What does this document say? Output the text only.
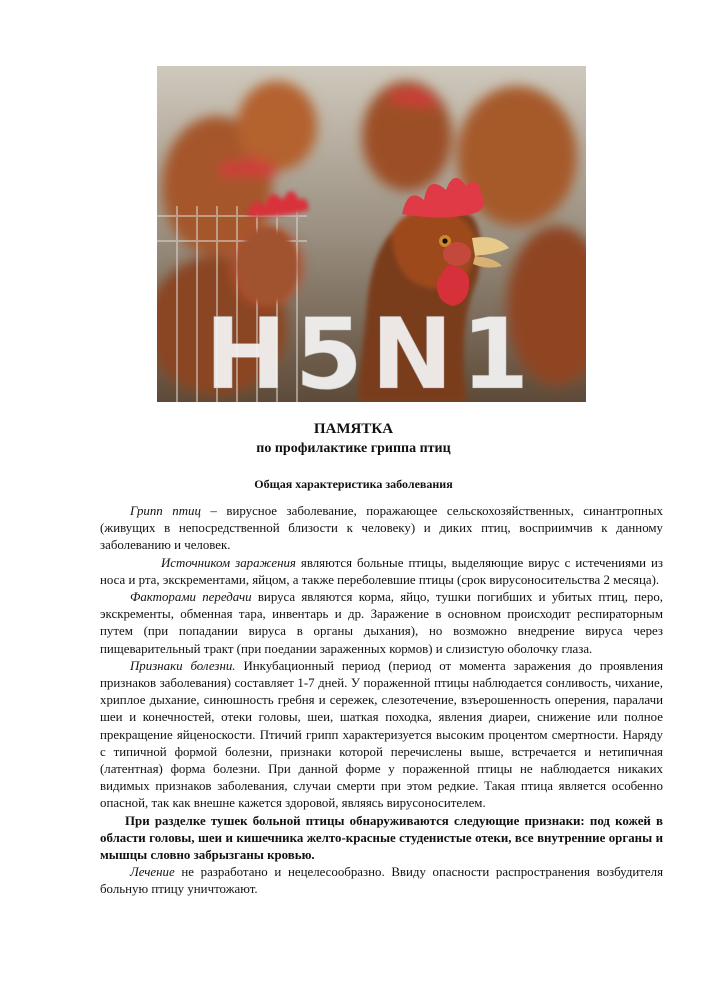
H5N1
ПАМЯТКА
по профилактике гриппа птиц
Общая характеристика заболевания

Грипп птиц – вирусное заболевание, поражающее сельскохозяйственных, синантропных (живущих в непосредственной близости к человеку) и диких птиц, восприимчив к данному заболеванию и человек.

Источником заражения являются больные птицы, выделяющие вирус с истечениями из носа и рта, экскрементами, яйцом, а также переболевшие птицы (срок вирусоносительства 2 месяца).

Факторами передачи вируса являются корма, яйцо, тушки погибших и убитых птиц, перо, экскременты, обменная тара, инвентарь и др. Заражение в основном происходит респираторным путем (при попадании вируса в органы дыхания), но возможно внедрение вируса через пищеварительный тракт (при поедании зараженных кормов) и слизистую оболочку глаза.

Признаки болезни. Инкубационный период (период от момента заражения до проявления признаков заболевания) составляет 1-7 дней. У пораженной птицы наблюдается сонливость, чихание, хриплое дыхание, синюшность гребня и сережек, слезотечение, взъерошенность оперения, паралачи шеи и конечностей, отеки головы, шеи, шаткая походка, явления диареи, снижение или полное прекращение яйценоскости. Птичий грипп характеризуется высоким процентом смертности. Наряду с типичной формой болезни, признаки которой перечислены выше, встречается и нетипичная (латентная) форма болезни. При данной форме у пораженной птицы не наблюдается никаких видимых признаков заболевания, случаи смерти при этом редкие. Такая птица является особенно опасной, так как внешне кажется здоровой, являясь вирусоносителем.

При разделке тушек больной птицы обнаруживаются следующие признаки: под кожей в области головы, шеи и кишечника желто-красные студенистые отеки, все внутренние органы и мышцы словно забрызганы кровью.

Лечение не разработано и нецелесообразно. Ввиду опасности распространения возбудителя больную птицу уничтожают.
